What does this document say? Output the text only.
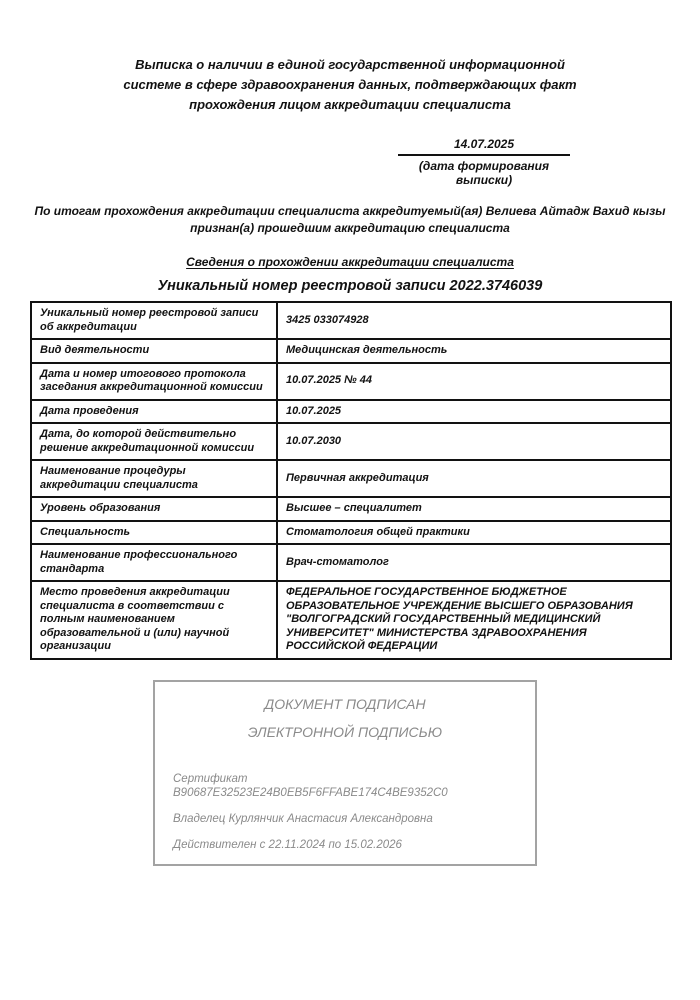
Выписка о наличии в единой государственной информационной
системе в сфере здравоохранения данных, подтверждающих факт
прохождения лицом аккредитации специалиста
14.07.2025
(дата формирования выписки)
По итогам прохождения аккредитации специалиста аккредитуемый(ая) Велиева Айтадж Вахид кызы
признан(а) прошедшим аккредитацию специалиста
Сведения о прохождении аккредитации специалиста
Уникальный номер реестровой записи 2022.3746039
Уникальный номер реестровой записи об аккредитации	3425 033074928
Вид деятельности	Медицинская деятельность
Дата и номер итогового протокола заседания аккредитационной комиссии	10.07.2025 № 44
Дата проведения	10.07.2025
Дата, до которой действительно решение аккредитационной комиссии	10.07.2030
Наименование процедуры аккредитации специалиста	Первичная аккредитация
Уровень образования	Высшее – специалитет
Специальность	Стоматология общей практики
Наименование профессионального стандарта	Врач-стоматолог
Место проведения аккредитации специалиста в соответствии с полным наименованием образовательной и (или) научной организации	ФЕДЕРАЛЬНОЕ ГОСУДАРСТВЕННОЕ БЮДЖЕТНОЕ ОБРАЗОВАТЕЛЬНОЕ УЧРЕЖДЕНИЕ ВЫСШЕГО ОБРАЗОВАНИЯ "ВОЛГОГРАДСКИЙ ГОСУДАРСТВЕННЫЙ МЕДИЦИНСКИЙ УНИВЕРСИТЕТ" МИНИСТЕРСТВА ЗДРАВООХРАНЕНИЯ РОССИЙСКОЙ ФЕДЕРАЦИИ
ДОКУМЕНТ ПОДПИСАН
ЭЛЕКТРОННОЙ ПОДПИСЬЮ
Сертификат B90687E32523E24B0EB5F6FFABE174C4BE9352C0
Владелец Курлянчик Анастасия Александровна
Действителен с 22.11.2024 по 15.02.2026
